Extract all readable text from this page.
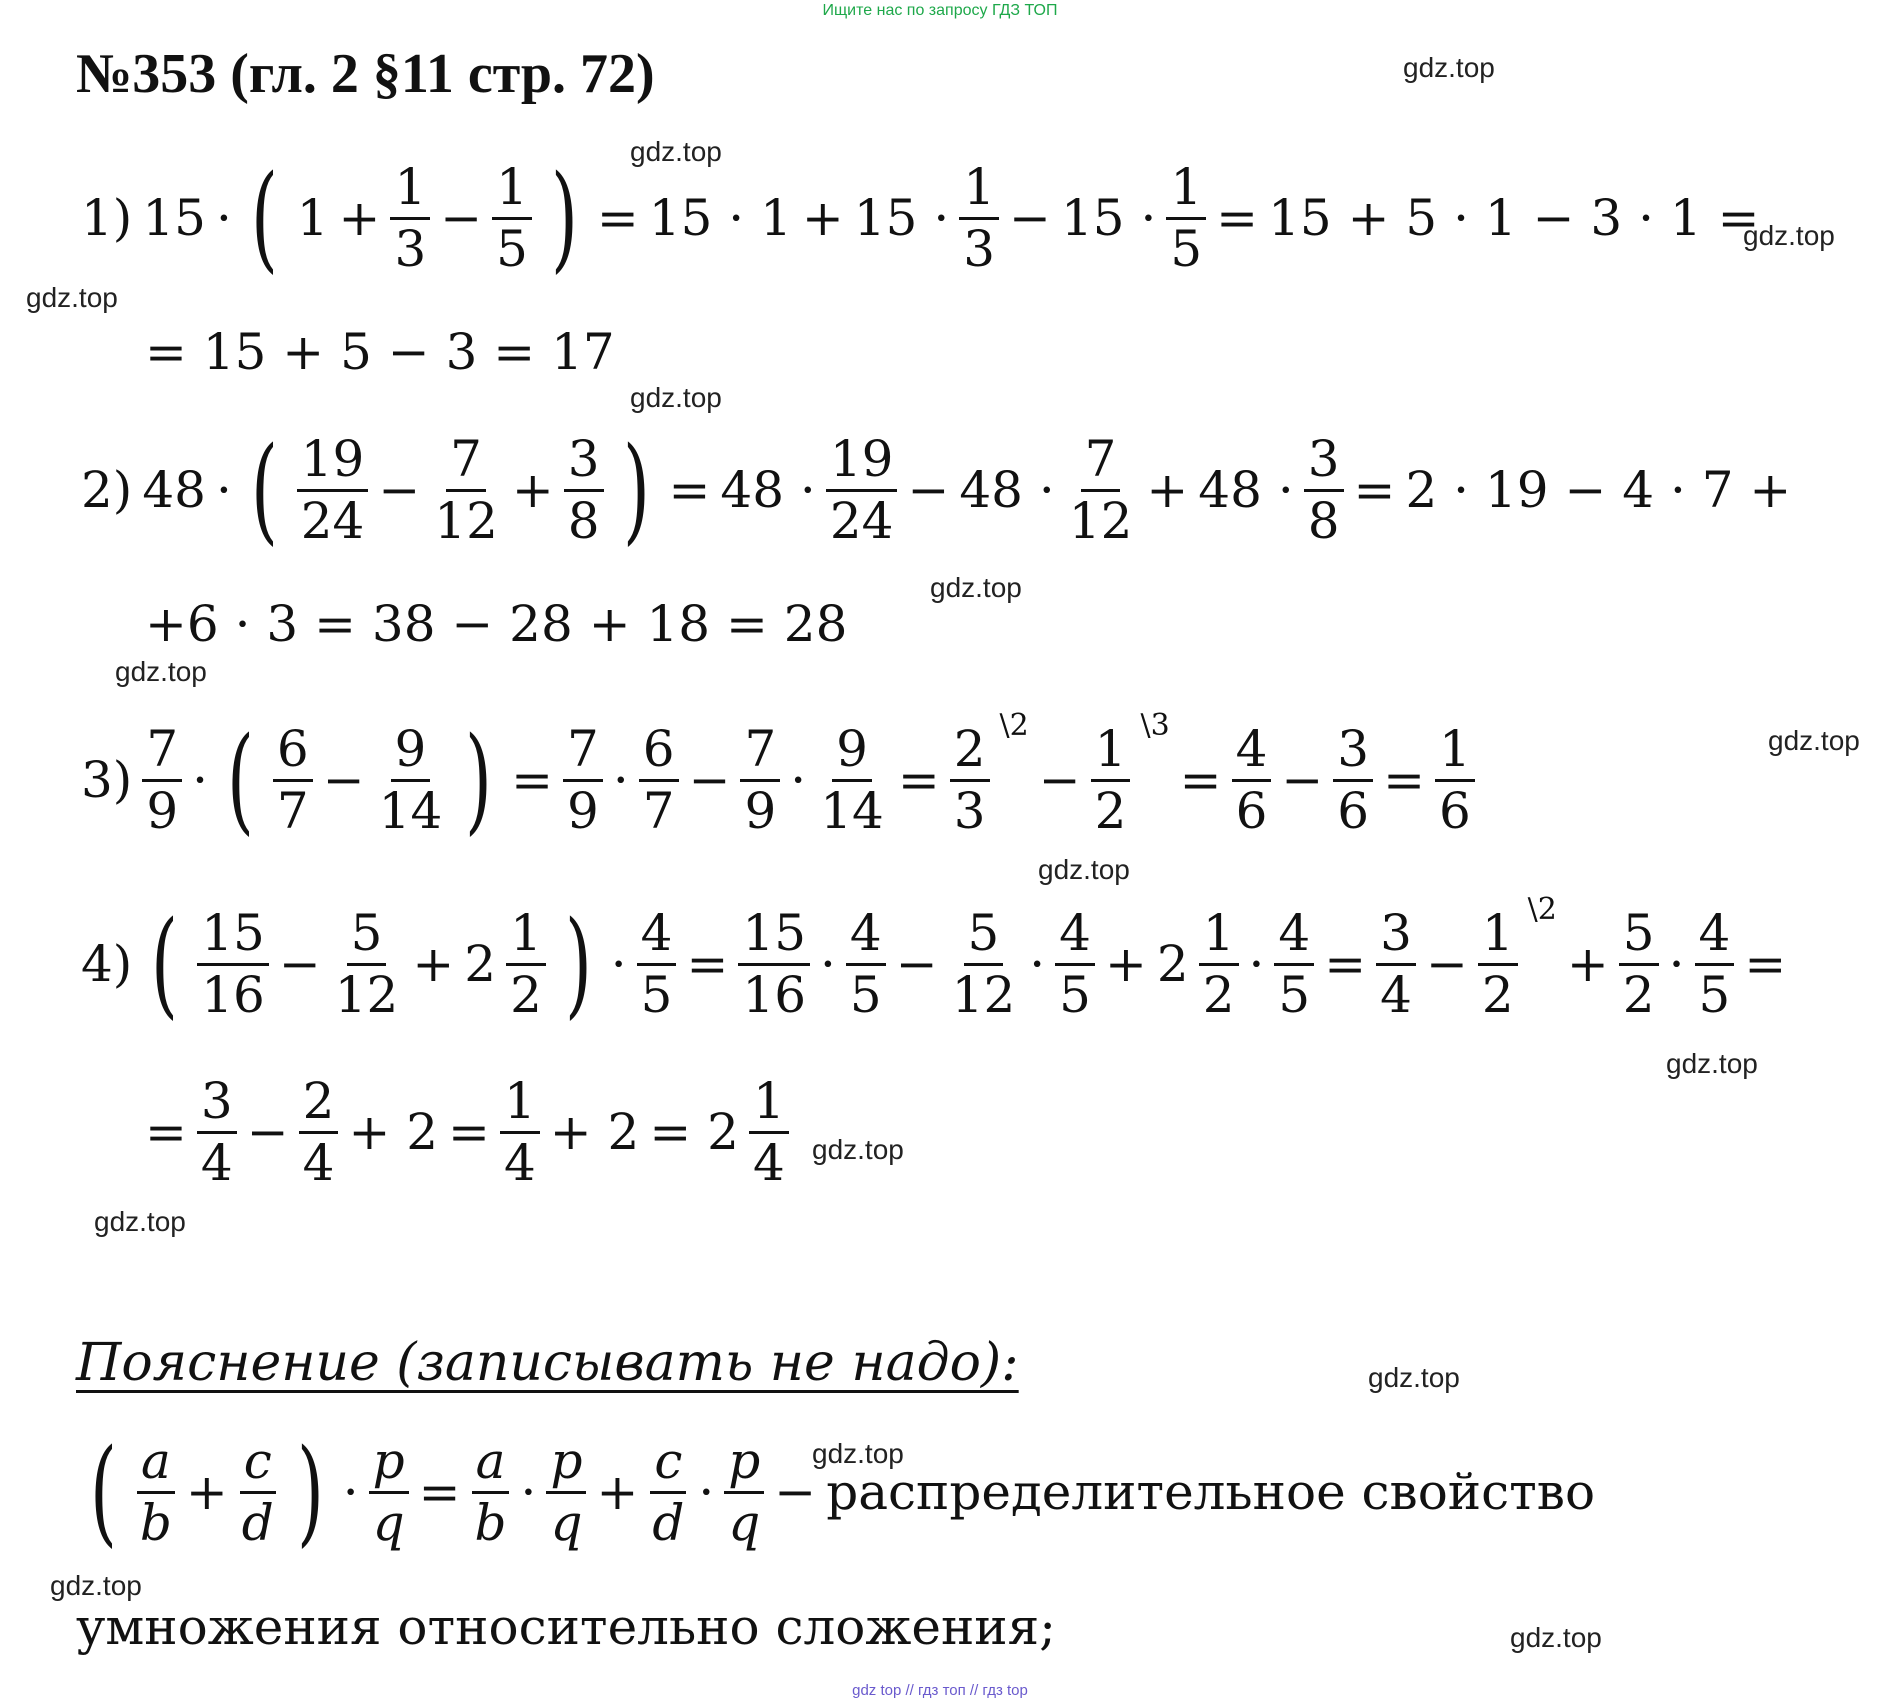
Ищите нас по запросу ГДЗ ТОП
№353 (гл. 2 §11 стр. 72)	gdz.top
gdz.top
gdz.top
gdz.top
gdz.top
gdz.top
gdz.top
gdz.top
gdz.top
gdz.top
gdz.top
gdz.top
gdz.top
gdz.top
gdz.top
gdz.top
1) 15 · ( $1 + \frac{1}{3} - \frac{1}{5}$ ) = $15 \cdot 1 + 15 \cdot \frac{1}{3} - 15 \cdot \frac{1}{5} = 15 + 5 \cdot 1 - 3 \cdot 1$ =
= 15 + 5 − 3 = 17
2) 48 · ( $\frac{19}{24} - \frac{7}{12} + \frac{3}{8}$ ) = $48 \cdot \frac{19}{24} - 48 \cdot \frac{7}{12} + 48 \cdot \frac{3}{8} = 2 \cdot 19 - 4 \cdot 7$ +
+6 · 3 = 38 − 28 + 18 = 28
$3) \frac{7}{9}$ · ( $\frac{6}{7} - \frac{9}{14}$ ) = $\frac{7}{9} \cdot \frac{6}{7} - \frac{7}{9} \cdot \frac{9}{14} = \frac{2}{3}$ \2
− $\frac{1}{2}$ \3
= $\frac{4}{6} - \frac{3}{6} = \frac{1}{6}$
4) ( $\frac{15}{16} - \frac{5}{12} + 2 \frac{1}{2}$ ) · $\frac{4}{5} = \frac{15}{16} \cdot \frac{4}{5} - \frac{5}{12} \cdot \frac{4}{5} + 2 \frac{1}{2} \cdot \frac{4}{5} = \frac{3}{4} - \frac{1}{2}$ \2
+ $\frac{5}{2} \cdot \frac{4}{5}$ =
= $\frac{3}{4} - \frac{2}{4} + 2 = \frac{1}{4} + 2 = 2 \frac{1}{4}$

Пояснение (записывать не надо):

( $\frac{a}{b} + \frac{c}{d}$ ) · $\frac{p}{q} = \frac{a}{b} \cdot \frac{p}{q} + \frac{c}{d} \cdot \frac{p}{q}$ − распределительное свойство

умножения относительно сложения;

gdz top // гдз топ // гдз top
